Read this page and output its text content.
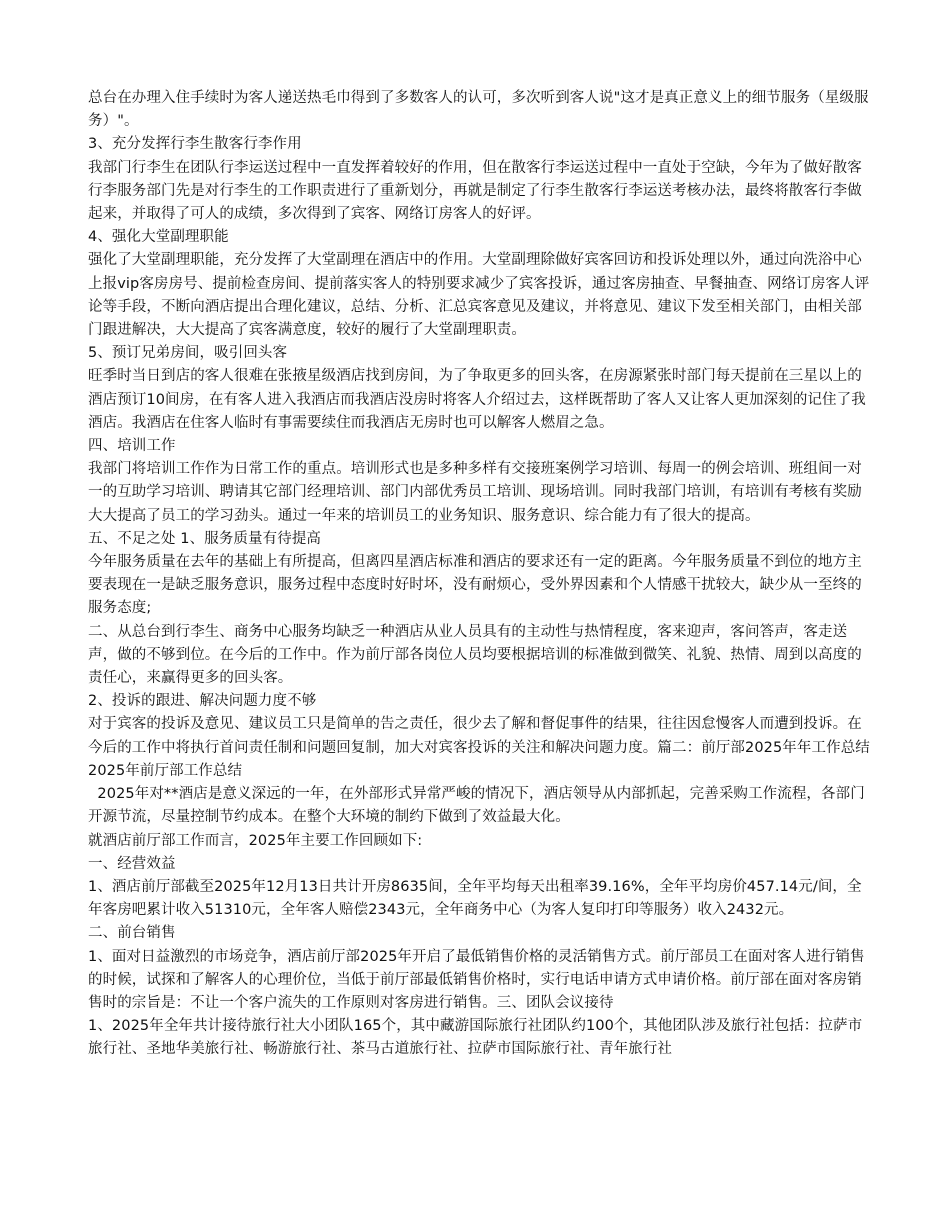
总台在办理入住手续时为客人递送热毛巾得到了多数客人的认可，多次听到客人说"这才是真正意义上的细节服务（星级服务）"。
3、充分发挥行李生散客行李作用
我部门行李生在团队行李运送过程中一直发挥着较好的作用，但在散客行李运送过程中一直处于空缺，今年为了做好散客行李服务部门先是对行李生的工作职责进行了重新划分，再就是制定了行李生散客行李运送考核办法，最终将散客行李做起来，并取得了可人的成绩，多次得到了宾客、网络订房客人的好评。
4、强化大堂副理职能
强化了大堂副理职能，充分发挥了大堂副理在酒店中的作用。大堂副理除做好宾客回访和投诉处理以外，通过向洗浴中心上报vip客房房号、提前检查房间、提前落实客人的特别要求减少了宾客投诉，通过客房抽查、早餐抽查、网络订房客人评论等手段，不断向酒店提出合理化建议，总结、分析、汇总宾客意见及建议，并将意见、建议下发至相关部门，由相关部门跟进解决，大大提高了宾客满意度，较好的履行了大堂副理职责。
5、预订兄弟房间，吸引回头客
旺季时当日到店的客人很难在张掖星级酒店找到房间，为了争取更多的回头客，在房源紧张时部门每天提前在三星以上的酒店预订10间房，在有客人进入我酒店而我酒店没房时将客人介绍过去，这样既帮助了客人又让客人更加深刻的记住了我酒店。我酒店在住客人临时有事需要续住而我酒店无房时也可以解客人燃眉之急。
四、培训工作
我部门将培训工作作为日常工作的重点。培训形式也是多种多样有交接班案例学习培训、每周一的例会培训、班组间一对一的互助学习培训、聘请其它部门经理培训、部门内部优秀员工培训、现场培训。同时我部门培训，有培训有考核有奖励大大提高了员工的学习劲头。通过一年来的培训员工的业务知识、服务意识、综合能力有了很大的提高。
五、不足之处 1、服务质量有待提高
今年服务质量在去年的基础上有所提高，但离四星酒店标准和酒店的要求还有一定的距离。今年服务质量不到位的地方主要表现在一是缺乏服务意识，服务过程中态度时好时坏，没有耐烦心，受外界因素和个人情感干扰较大，缺少从一至终的服务态度;
二、从总台到行李生、商务中心服务均缺乏一种酒店从业人员具有的主动性与热情程度，客来迎声，客问答声，客走送声，做的不够到位。在今后的工作中。作为前厅部各岗位人员均要根据培训的标准做到微笑、礼貌、热情、周到以高度的责任心，来赢得更多的回头客。
2、投诉的跟进、解决问题力度不够
对于宾客的投诉及意见、建议员工只是简单的告之责任，很少去了解和督促事件的结果，往往因怠慢客人而遭到投诉。在今后的工作中将执行首问责任制和问题回复制，加大对宾客投诉的关注和解决问题力度。篇二：前厅部2025年年工作总结
2025年前厅部工作总结
2025年对**酒店是意义深远的一年，在外部形式异常严峻的情况下，酒店领导从内部抓起，完善采购工作流程，各部门开源节流，尽量控制节约成本。在整个大环境的制约下做到了效益最大化。
就酒店前厅部工作而言，2025年主要工作回顾如下:
一、经营效益
1、酒店前厅部截至2025年12月13日共计开房8635间，全年平均每天出租率39.16%，全年平均房价457.14元/间，全年客房吧累计收入51310元，全年客人赔偿2343元，全年商务中心（为客人复印打印等服务）收入2432元。
二、前台销售
1、面对日益激烈的市场竞争，酒店前厅部2025年开启了最低销售价格的灵活销售方式。前厅部员工在面对客人进行销售的时候，试探和了解客人的心理价位，当低于前厅部最低销售价格时，实行电话申请方式申请价格。前厅部在面对客房销售时的宗旨是：不让一个客户流失的工作原则对客房进行销售。三、团队会议接待
1、2025年全年共计接待旅行社大小团队165个，其中藏游国际旅行社团队约100个，其他团队涉及旅行社包括：拉萨市旅行社、圣地华美旅行社、畅游旅行社、茶马古道旅行社、拉萨市国际旅行社、青年旅行社
